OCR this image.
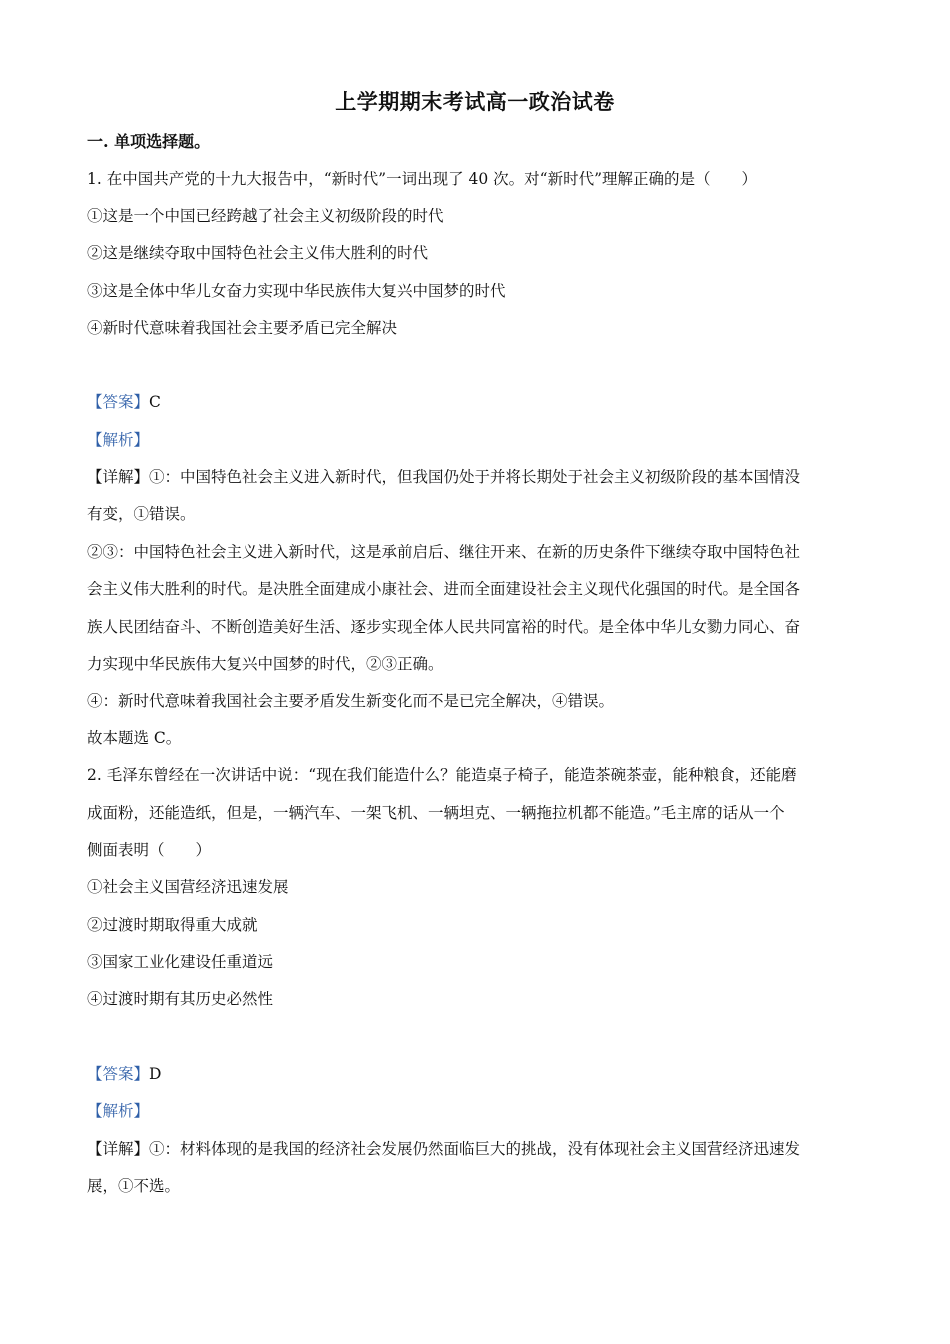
上学期期末考试高一政治试卷
一. 单项选择题。
1. 在中国共产党的十九大报告中，“新时代”一词出现了 40 次。对“新时代”理解正确的是（　　）
①这是一个中国已经跨越了社会主义初级阶段的时代
②这是继续夺取中国特色社会主义伟大胜利的时代
③这是全体中华儿女奋力实现中华民族伟大复兴中国梦的时代
④新时代意味着我国社会主要矛盾已完全解决
【答案】C
【解析】
【详解】①：中国特色社会主义进入新时代，但我国仍处于并将长期处于社会主义初级阶段的基本国情没
有变，①错误。
②③：中国特色社会主义进入新时代，这是承前启后、继往开来、在新的历史条件下继续夺取中国特色社
会主义伟大胜利的时代。是决胜全面建成小康社会、进而全面建设社会主义现代化强国的时代。是全国各
族人民团结奋斗、不断创造美好生活、逐步实现全体人民共同富裕的时代。是全体中华儿女勠力同心、奋
力实现中华民族伟大复兴中国梦的时代，②③正确。
④：新时代意味着我国社会主要矛盾发生新变化而不是已完全解决，④错误。
故本题选 C。
2. 毛泽东曾经在一次讲话中说：“现在我们能造什么？能造桌子椅子，能造茶碗茶壶，能种粮食，还能磨
成面粉，还能造纸，但是，一辆汽车、一架飞机、一辆坦克、一辆拖拉机都不能造。”毛主席的话从一个
侧面表明（　　）
①社会主义国营经济迅速发展
②过渡时期取得重大成就
③国家工业化建设任重道远
④过渡时期有其历史必然性
【答案】D
【解析】
【详解】①：材料体现的是我国的经济社会发展仍然面临巨大的挑战，没有体现社会主义国营经济迅速发
展，①不选。
